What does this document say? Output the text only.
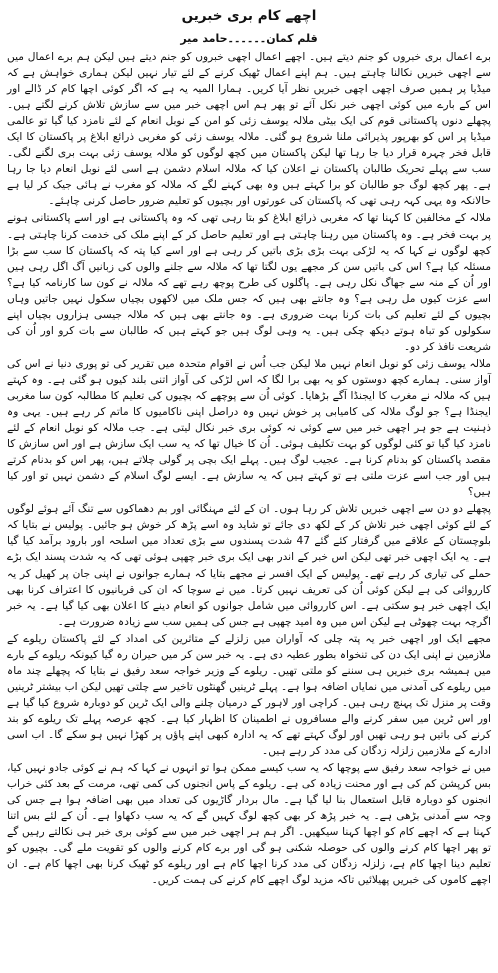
اچھے کام بری خبریں
قلم کمان۔۔۔۔۔۔حامد میر

برے اعمال بری خبروں کو جنم دیتے ہیں۔ اچھے اعمال اچھی خبروں کو جنم دیتے ہیں لیکن ہم برے اعمال میں سے اچھی خبریں نکالنا چاہتے ہیں۔ ہم اپنے اعمال ٹھیک کرنے کے لئے تیار نہیں لیکن ہماری خواہش ہے کہ میڈیا پر ہمیں صرف اچھی اچھی خبریں نظر آیا کریں۔ ہمارا المیہ یہ ہے کہ اگر کوئی اچھا کام کر ڈالے اور اس کے بارے میں کوئی اچھی خبر نکل آئے تو پھر ہم اس اچھی خبر میں سے سازش تلاش کرنے لگتے ہیں۔ پچھلے دنوں پاکستانی قوم کی ایک بیٹی ملالہ یوسف زئی کو امن کے نوبل انعام کے لئے نامزد کیا گیا تو عالمی میڈیا پر اس کو بھرپور پذیرائی ملنا شروع ہو گئی۔ ملالہ یوسف زئی کو مغربی ذرائع ابلاغ پر پاکستان کا ایک قابل فخر چہرہ قرار دیا جا رہا تھا لیکن پاکستان میں کچھ لوگوں کو ملالہ یوسف زئی بہت بری لگنے لگی۔ سب سے پہلے تحریک طالبان پاکستان نے اعلان کیا کہ ملالہ اسلام دشمن ہے اسی لئے نوبل انعام دیا جا رہا ہے۔ پھر کچھ لوگ جو طالبان کو برا کہتے ہیں وہ بھی کہنے لگے کہ ملالہ کو مغرب نے ہائی جیک کر لیا ہے حالانکہ وہ یہی کہہ رہی تھی کہ پاکستان کی عورتوں اور بچیوں کو تعلیم ضرور حاصل کرنی چاہئے۔

ملالہ کے مخالفین کا کہنا تھا کہ مغربی ذرائع ابلاغ کو بتا رہی تھی کہ وہ پاکستانی ہے اور اسے پاکستانی ہونے پر بہت فخر ہے۔ وہ پاکستان میں رہنا چاہتی ہے اور تعلیم حاصل کر کے اپنے ملک کی خدمت کرنا چاہتی ہے۔ کچھ لوگوں نے کہا کہ یہ لڑکی بہت بڑی بڑی باتیں کر رہی ہے اور اسے کیا پتہ کہ پاکستان کا سب سے بڑا مسئلہ کیا ہے؟ اس کی باتیں سن کر مجھے یوں لگتا تھا کہ ملالہ سے جلنے والوں کی زبانیں آگ اگل رہی ہیں اور اُن کے منہ سے جھاگ نکل رہی ہے۔ پاگلوں کی طرح پوچھ رہے تھے کہ ملالہ نے کون سا کارنامہ کیا ہے؟ اسے عزت کیوں مل رہی ہے؟ وہ جانتے بھی ہیں کہ جس ملک میں لاکھوں بچیاں سکول نہیں جاتیں وہاں بچیوں کے لئے تعلیم کی بات کرنا بہت ضروری ہے۔ وہ جانتے بھی ہیں کہ ملالہ جیسی ہزاروں بچیاں اپنے سکولوں کو تباہ ہوتے دیکھ چکی ہیں۔ یہ وہی لوگ ہیں جو کہتے ہیں کہ طالبان سے بات کرو اور اُن کی شریعت نافذ کر دو۔

ملالہ یوسف زئی کو نوبل انعام نہیں ملا لیکن جب اُس نے اقوام متحدہ میں تقریر کی تو پوری دنیا نے اس کی آواز سنی۔ ہمارے کچھ دوستوں کو یہ بھی برا لگا کہ اس لڑکی کی آواز اتنی بلند کیوں ہو گئی ہے۔ وہ کہتے ہیں کہ ملالہ نے مغرب کا ایجنڈا آگے بڑھایا۔ کوئی اُن سے پوچھے کہ بچیوں کی تعلیم کا مطالبہ کون سا مغربی ایجنڈا ہے؟ جو لوگ ملالہ کی کامیابی پر خوش نہیں وہ دراصل اپنی ناکامیوں کا ماتم کر رہے ہیں۔ یہی وہ ذہنیت ہے جو ہر اچھی خبر میں سے کوئی نہ کوئی بری خبر نکال لیتی ہے۔ جب ملالہ کو نوبل انعام کے لئے نامزد کیا گیا تو کئی لوگوں کو بہت تکلیف ہوئی۔ اُن کا خیال تھا کہ یہ سب ایک سازش ہے اور اس سازش کا مقصد پاکستان کو بدنام کرنا ہے۔ عجیب لوگ ہیں۔ پہلے ایک بچی پر گولی چلاتے ہیں، پھر اس کو بدنام کرتے ہیں اور جب اسے عزت ملتی ہے تو کہتے ہیں کہ یہ سازش ہے۔ ایسے لوگ اسلام کے دشمن نہیں تو اور کیا ہیں؟

پچھلے دو دن سے اچھی خبریں تلاش کر رہا ہوں۔ ان کے لئے مہنگائی اور بم دھماکوں سے تنگ آئے ہوئے لوگوں کے لئے کوئی اچھی خبر تلاش کر کے لکھ دی جائے تو شاید وہ اسے پڑھ کر خوش ہو جائیں۔ پولیس نے بتایا کہ بلوچستان کے علاقے میں گرفتار کئے گئے 47 شدت پسندوں سے بڑی تعداد میں اسلحہ اور بارود برآمد کیا گیا ہے۔ یہ ایک اچھی خبر تھی لیکن اس خبر کے اندر بھی ایک بری خبر چھپی ہوئی تھی کہ یہ شدت پسند ایک بڑے حملے کی تیاری کر رہے تھے۔ پولیس کے ایک افسر نے مجھے بتایا کہ ہمارے جوانوں نے اپنی جان پر کھیل کر یہ کارروائی کی ہے لیکن کوئی اُن کی تعریف نہیں کرتا۔ میں نے سوچا کہ ان کی قربانیوں کا اعتراف کرنا بھی ایک اچھی خبر ہو سکتی ہے۔ اس کارروائی میں شامل جوانوں کو انعام دینے کا اعلان بھی کیا گیا ہے۔ یہ خبر اگرچہ بہت چھوٹی ہے لیکن اس میں وہ امید چھپی ہے جس کی ہمیں سب سے زیادہ ضرورت ہے۔

مجھے ایک اور اچھی خبر یہ پتہ چلی کہ آواران میں زلزلے کے متاثرین کی امداد کے لئے پاکستان ریلوے کے ملازمین نے اپنی ایک دن کی تنخواہ بطور عطیہ دی ہے۔ یہ خبر سن کر میں حیران رہ گیا کیونکہ ریلوے کے بارے میں ہمیشہ بری خبریں ہی سننے کو ملتی تھیں۔ ریلوے کے وزیر خواجہ سعد رفیق نے بتایا کہ پچھلے چند ماہ میں ریلوے کی آمدنی میں نمایاں اضافہ ہوا ہے۔ پہلے ٹرینیں گھنٹوں تاخیر سے چلتی تھیں لیکن اب بیشتر ٹرینیں وقت پر منزل تک پہنچ رہی ہیں۔ کراچی اور لاہور کے درمیان چلنے والی ایک ٹرین کو دوبارہ شروع کیا گیا ہے اور اس ٹرین میں سفر کرنے والے مسافروں نے اطمینان کا اظہار کیا ہے۔ کچھ عرصہ پہلے تک ریلوے کو بند کرنے کی باتیں ہو رہی تھیں اور لوگ کہتے تھے کہ یہ ادارہ کبھی اپنے پاؤں پر کھڑا نہیں ہو سکے گا۔ اب اسی ادارے کے ملازمین زلزلہ زدگان کی مدد کر رہے ہیں۔

میں نے خواجہ سعد رفیق سے پوچھا کہ یہ سب کیسے ممکن ہوا تو انہوں نے کہا کہ ہم نے کوئی جادو نہیں کیا، بس کرپشن کم کی ہے اور محنت زیادہ کی ہے۔ ریلوے کے پاس انجنوں کی کمی تھی، مرمت کے بعد کئی خراب انجنوں کو دوبارہ قابل استعمال بنا لیا گیا ہے۔ مال بردار گاڑیوں کی تعداد میں بھی اضافہ ہوا ہے جس کی وجہ سے آمدنی بڑھی ہے۔ یہ خبر پڑھ کر بھی کچھ لوگ کہیں گے کہ یہ سب دکھاوا ہے۔ اُن کے لئے بس اتنا کہنا ہے کہ اچھے کام کو اچھا کہنا سیکھیں۔ اگر ہم ہر اچھی خبر میں سے کوئی بری خبر ہی نکالتے رہیں گے تو پھر اچھا کام کرنے والوں کی حوصلہ شکنی ہو گی اور برے کام کرنے والوں کو تقویت ملے گی۔ بچیوں کو تعلیم دینا اچھا کام ہے، زلزلہ زدگان کی مدد کرنا اچھا کام ہے اور ریلوے کو ٹھیک کرنا بھی اچھا کام ہے۔ ان اچھے کاموں کی خبریں پھیلائیں تاکہ مزید لوگ اچھے کام کرنے کی ہمت کریں۔
